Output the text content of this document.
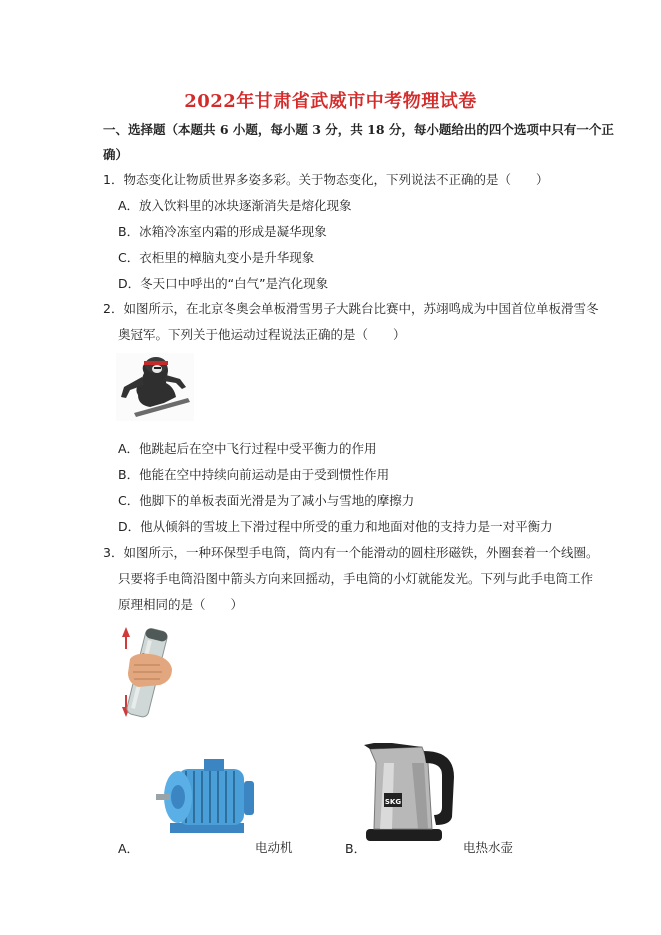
2022年甘肃省武威市中考物理试卷
一、选择题（本题共 6 小题，每小题 3 分，共 18 分，每小题给出的四个选项中只有一个正
确）
1．物态变化让物质世界多姿多彩。关于物态变化，下列说法不正确的是（　　）
A．放入饮料里的冰块逐渐消失是熔化现象
B．冰箱冷冻室内霜的形成是凝华现象
C．衣柜里的樟脑丸变小是升华现象
D．冬天口中呼出的“白气”是汽化现象
2．如图所示，在北京冬奥会单板滑雪男子大跳台比赛中，苏翊鸣成为中国首位单板滑雪冬
奥冠军。下列关于他运动过程说法正确的是（　　）
A．他跳起后在空中飞行过程中受平衡力的作用
B．他能在空中持续向前运动是由于受到惯性作用
C．他脚下的单板表面光滑是为了减小与雪地的摩擦力
D．他从倾斜的雪坡上下滑过程中所受的重力和地面对他的支持力是一对平衡力
3．如图所示，一种环保型手电筒，筒内有一个能滑动的圆柱形磁铁，外圈套着一个线圈。
只要将手电筒沿图中箭头方向来回摇动，手电筒的小灯就能发光。下列与此手电筒工作
原理相同的是（　　）
SKG
A．	电动机	B．	电热水壶
